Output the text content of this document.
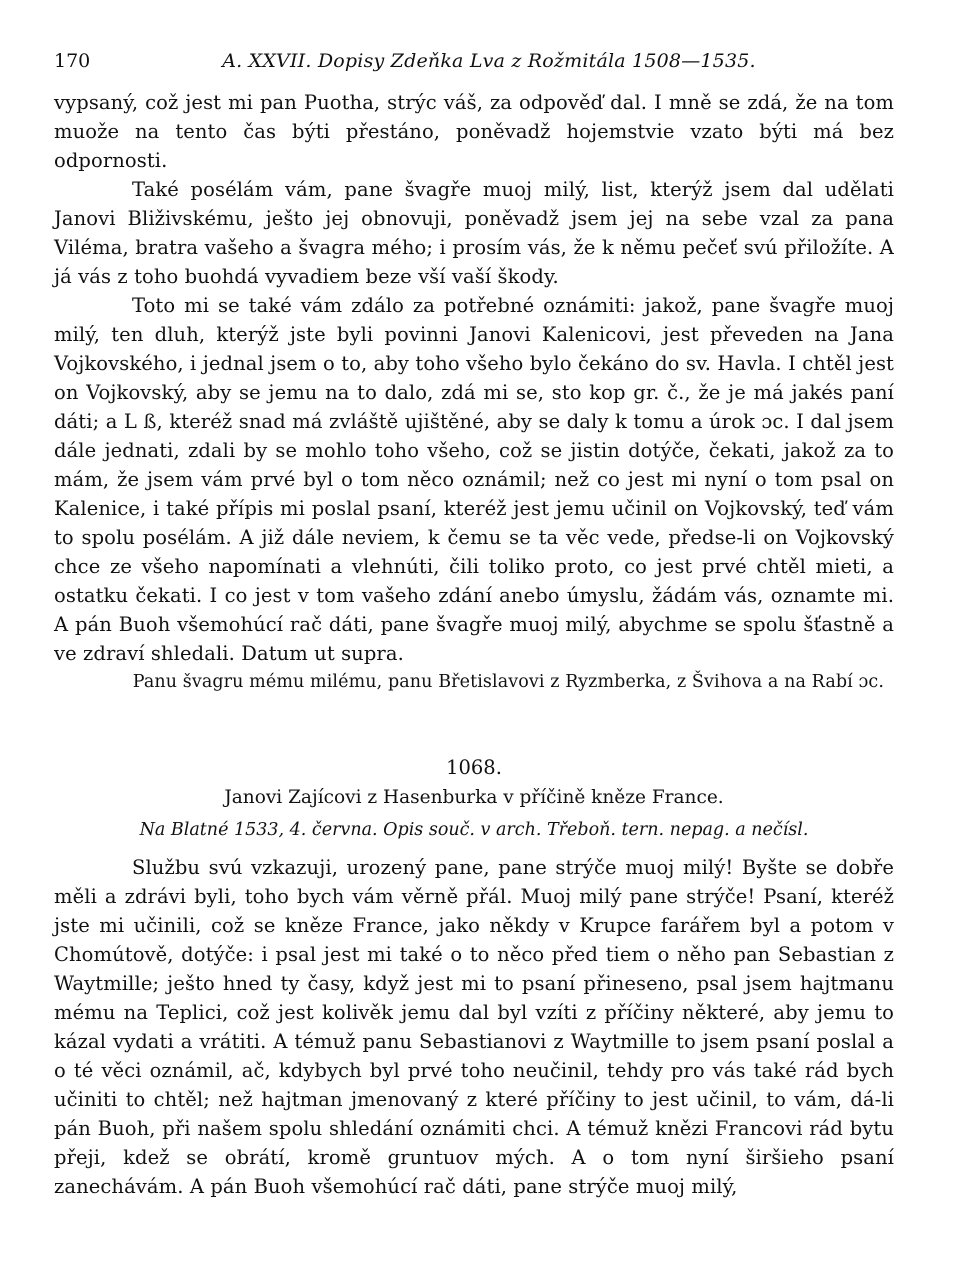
170	A. XXVII. Dopisy Zdeňka Lva z Rožmitála 1508—1535.

vypsaný, což jest mi pan Puotha, strýc váš, za odpověď dal. I mně se zdá, že na tom muože na tento čas býti přestáno, poněvadž hojemstvie vzato býti má bez odpornosti.

Také posélám vám, pane švagře muoj milý, list, kterýž jsem dal udělati Janovi Bliživskému, ješto jej obnovuji, poněvadž jsem jej na sebe vzal za pana Viléma, bratra vašeho a švagra mého; i prosím vás, že k němu pečeť svú přiložíte. A já vás z toho buohdá vyvadiem beze vší vaší škody.

Toto mi se také vám zdálo za potřebné oznámiti: jakož, pane švagře muoj milý, ten dluh, kterýž jste byli povinni Janovi Kalenicovi, jest převeden na Jana Vojkovského, i jednal jsem o to, aby toho všeho bylo čekáno do sv. Havla. I chtěl jest on Vojkovský, aby se jemu na to dalo, zdá mi se, sto kop gr. č., že je má jakés paní dáti; a L ß, kteréž snad má zvláště ujištěné, aby se daly k tomu a úrok ɔc. I dal jsem dále jednati, zdali by se mohlo toho všeho, což se jistin dotýče, čekati, jakož za to mám, že jsem vám prvé byl o tom něco oznámil; než co jest mi nyní o tom psal on Kalenice, i také přípis mi poslal psaní, kteréž jest jemu učinil on Vojkovský, teď vám to spolu posélám. A již dále neviem, k čemu se ta věc vede, předse-li on Vojkovský chce ze všeho napomínati a vlehnúti, čili toliko proto, co jest prvé chtěl mieti, a ostatku čekati. I co jest v tom vašeho zdání anebo úmyslu, žádám vás, oznamte mi. A pán Buoh všemohúcí rač dáti, pane švagře muoj milý, abychme se spolu šťastně a ve zdraví shledali. Datum ut supra.

Panu švagru mému milému, panu Břetislavovi z Ryzmberka, z Švihova a na Rabí ɔc.

1068.
Janovi Zajícovi z Hasenburka v příčině kněze France.
Na Blatné 1533, 4. června. Opis souč. v arch. Třeboň. tern. nepag. a nečísl.

Službu svú vzkazuji, urozený pane, pane strýče muoj milý! Byšte se dobře měli a zdrávi byli, toho bych vám věrně přál. Muoj milý pane strýče! Psaní, kteréž jste mi učinili, což se kněze France, jako někdy v Krupce farářem byl a potom v Chomútově, dotýče: i psal jest mi také o to něco před tiem o něho pan Sebastian z Waytmille; ješto hned ty časy, když jest mi to psaní přineseno, psal jsem hajtmanu mému na Teplici, což jest kolivěk jemu dal byl vzíti z příčiny některé, aby jemu to kázal vydati a vrátiti. A témuž panu Sebastianovi z Waytmille to jsem psaní poslal a o té věci oznámil, ač, kdybych byl prvé toho neučinil, tehdy pro vás také rád bych učiniti to chtěl; než hajtman jmenovaný z které příčiny to jest učinil, to vám, dá-li pán Buoh, při našem spolu shledání oznámiti chci. A témuž knězi Francovi rád bytu přeji, kdež se obrátí, kromě gruntuov mých. A o tom nyní širšieho psaní zanechávám. A pán Buoh všemohúcí rač dáti, pane strýče muoj milý,
